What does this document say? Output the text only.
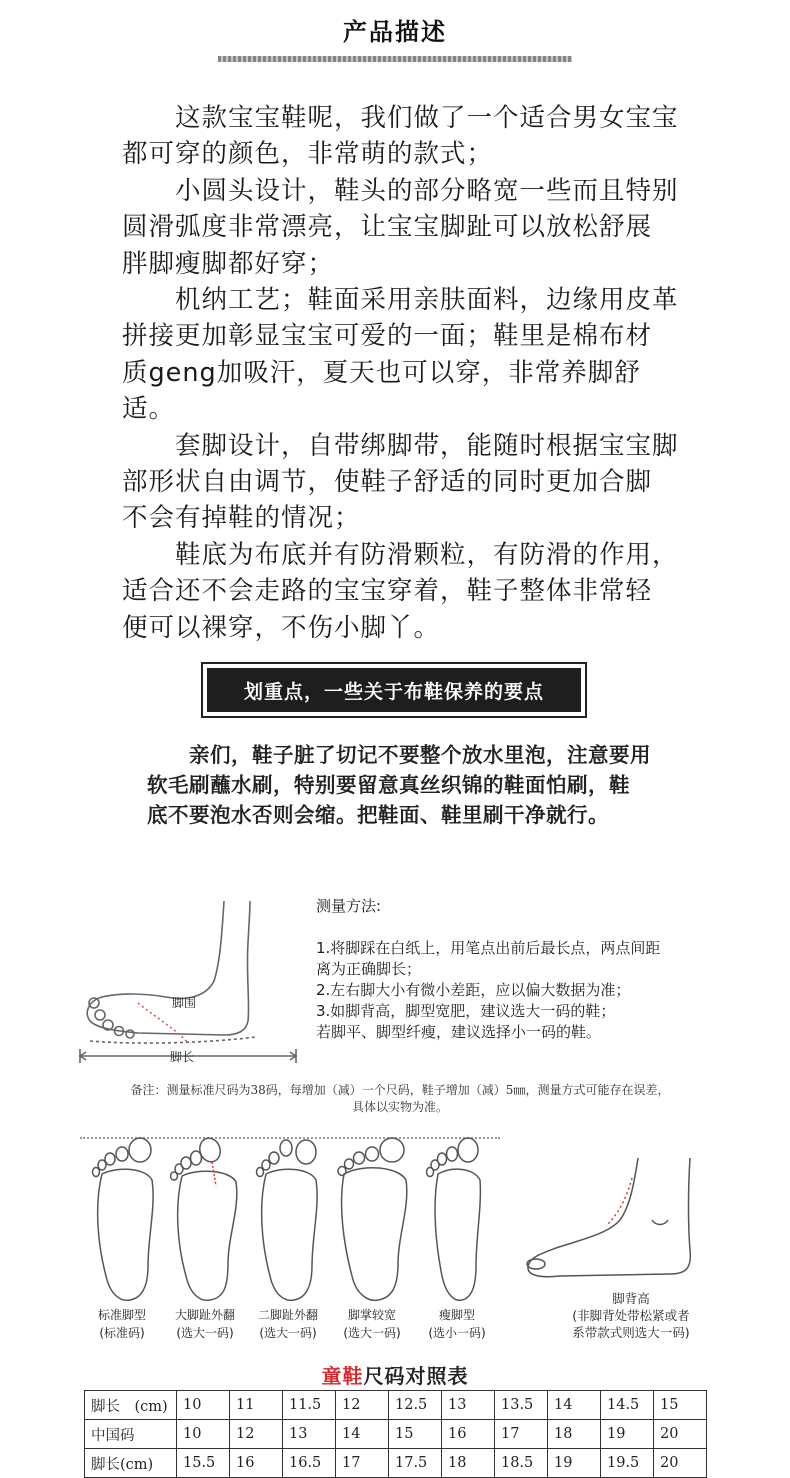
产品描述

　　这款宝宝鞋呢，我们做了一个适合男女宝宝

都可穿的颜色，非常萌的款式；

　　小圆头设计，鞋头的部分略宽一些而且特别

圆滑弧度非常漂亮，让宝宝脚趾可以放松舒展

胖脚瘦脚都好穿；

　　机纳工艺；鞋面采用亲肤面料，边缘用皮革

拼接更加彰显宝宝可爱的一面；鞋里是棉布材

质geng加吸汗，夏天也可以穿，非常养脚舒

适。

　　套脚设计，自带绑脚带，能随时根据宝宝脚

部形状自由调节，使鞋子舒适的同时更加合脚

不会有掉鞋的情况；

　　鞋底为布底并有防滑颗粒，有防滑的作用，

适合还不会走路的宝宝穿着，鞋子整体非常轻

便可以裸穿，不伤小脚丫。

划重点，一些关于布鞋保养的要点

　　亲们，鞋子脏了切记不要整个放水里泡，注意要用

软毛刷蘸水刷，特别要留意真丝织锦的鞋面怕刷，鞋

底不要泡水否则会缩。把鞋面、鞋里刷干净就行。

脚围
脚长
测量方法:
1.将脚踩在白纸上，用笔点出前后最长点，两点间距
离为正确脚长；
2.左右脚大小有微小差距，应以偏大数据为准；
3.如脚背高，脚型宽肥，建议选大一码的鞋；
若脚平、脚型纤瘦，建议选择小一码的鞋。
备注：测量标准尺码为38码，每增加（减）一个尺码，鞋子增加（减）5㎜，测量方式可能存在误差，
具体以实物为准。
标准脚型
(标准码)
大脚趾外翻
(选大一码)
二脚趾外翻
(选大一码)
脚掌较宽
(选大一码)
瘦脚型
(选小一码)
脚背高
(非脚背处带松紧或者
系带款式则选大一码)
童鞋尺码对照表
脚长　(cm)	10	11	11.5	12	12.5	13	13.5	14	14.5	15
中国码	10	12	13	14	15	16	17	18	19	20
脚长(cm)	15.5	16	16.5	17	17.5	18	18.5	19	19.5	20
